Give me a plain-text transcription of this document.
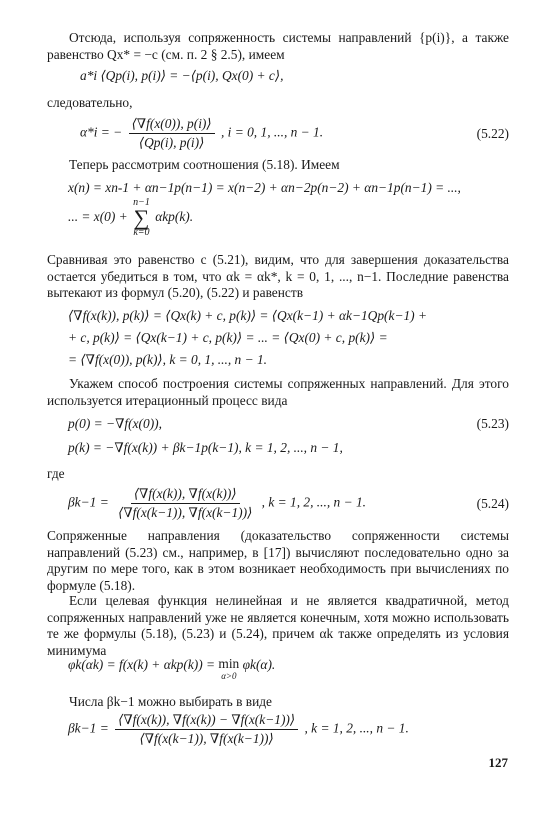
Отсюда, используя сопряженность системы направлений {p(i)}, а также равенство Qx* = −c (см. п. 2 § 2.5), имеем
a*i ⟨Qp(i), p(i)⟩ = −⟨p(i), Qx(0) + c⟩,
следовательно,
α*i = − $\frac{⟨\nabla f(x(0)), p(i)⟩}{⟨Qp(i), p(i)⟩}$ , i = 0, 1, ..., n − 1.	(5.22)
Теперь рассмотрим соотношения (5.18). Имеем
x(n) = xn-1 + αn−1p(n−1) = x(n−2) + αn−2p(n−2) + αn−1p(n−1) = ...,
... = x(0) +
n−1
∑
k=0
αkp(k).
Сравнивая это равенство с (5.21), видим, что для завершения доказательства остается убедиться в том, что αk = αk*, k = 0, 1, ..., n−1. Последние равенства вытекают из формул (5.20), (5.22) и равенств
⟨∇f(x(k)), p(k)⟩ = ⟨Qx(k) + c, p(k)⟩ = ⟨Qx(k−1) + αk−1Qp(k−1) +
+ c, p(k)⟩ = ⟨Qx(k−1) + c, p(k)⟩ = ... = ⟨Qx(0) + c, p(k)⟩ =
= ⟨∇f(x(0)), p(k)⟩, k = 0, 1, ..., n − 1.
Укажем способ построения системы сопряженных направлений. Для этого используется итерационный процесс вида
p(0) = −∇f(x(0)),
p(k) = −∇f(x(k)) + βk−1p(k−1), k = 1, 2, ..., n − 1,
(5.23)
где
$\beta k-1 = \frac{⟨\nabla f(x(k)), \nabla f(x(k))⟩}{⟨\nabla f(x(k-1)), \nabla f(x(k-1))⟩}$ , k = 1, 2, ..., n − 1.	(5.24)
Сопряженные направления (доказательство сопряженности системы направлений (5.23) см., например, в [17]) вычисляют последовательно одно за другим по мере того, как в этом возникает необходимость при вычислениях по формуле (5.18).
Если целевая функция нелинейная и не является квадратичной, метод сопряженных направлений уже не является конечным, хотя можно использовать те же формулы (5.18), (5.23) и (5.24), причем αk также определять из условия минимума
φk(αk) = f(x(k) + αkp(k)) = min
α>0
φk(α).
Числа βk−1 можно выбирать в виде
$\beta k-1 = \frac{⟨\nabla f(x(k)), \nabla f(x(k)) - \nabla f(x(k-1))⟩}{⟨\nabla f(x(k-1)), \nabla f(x(k-1))⟩}$ , k = 1, 2, ..., n − 1.
127
